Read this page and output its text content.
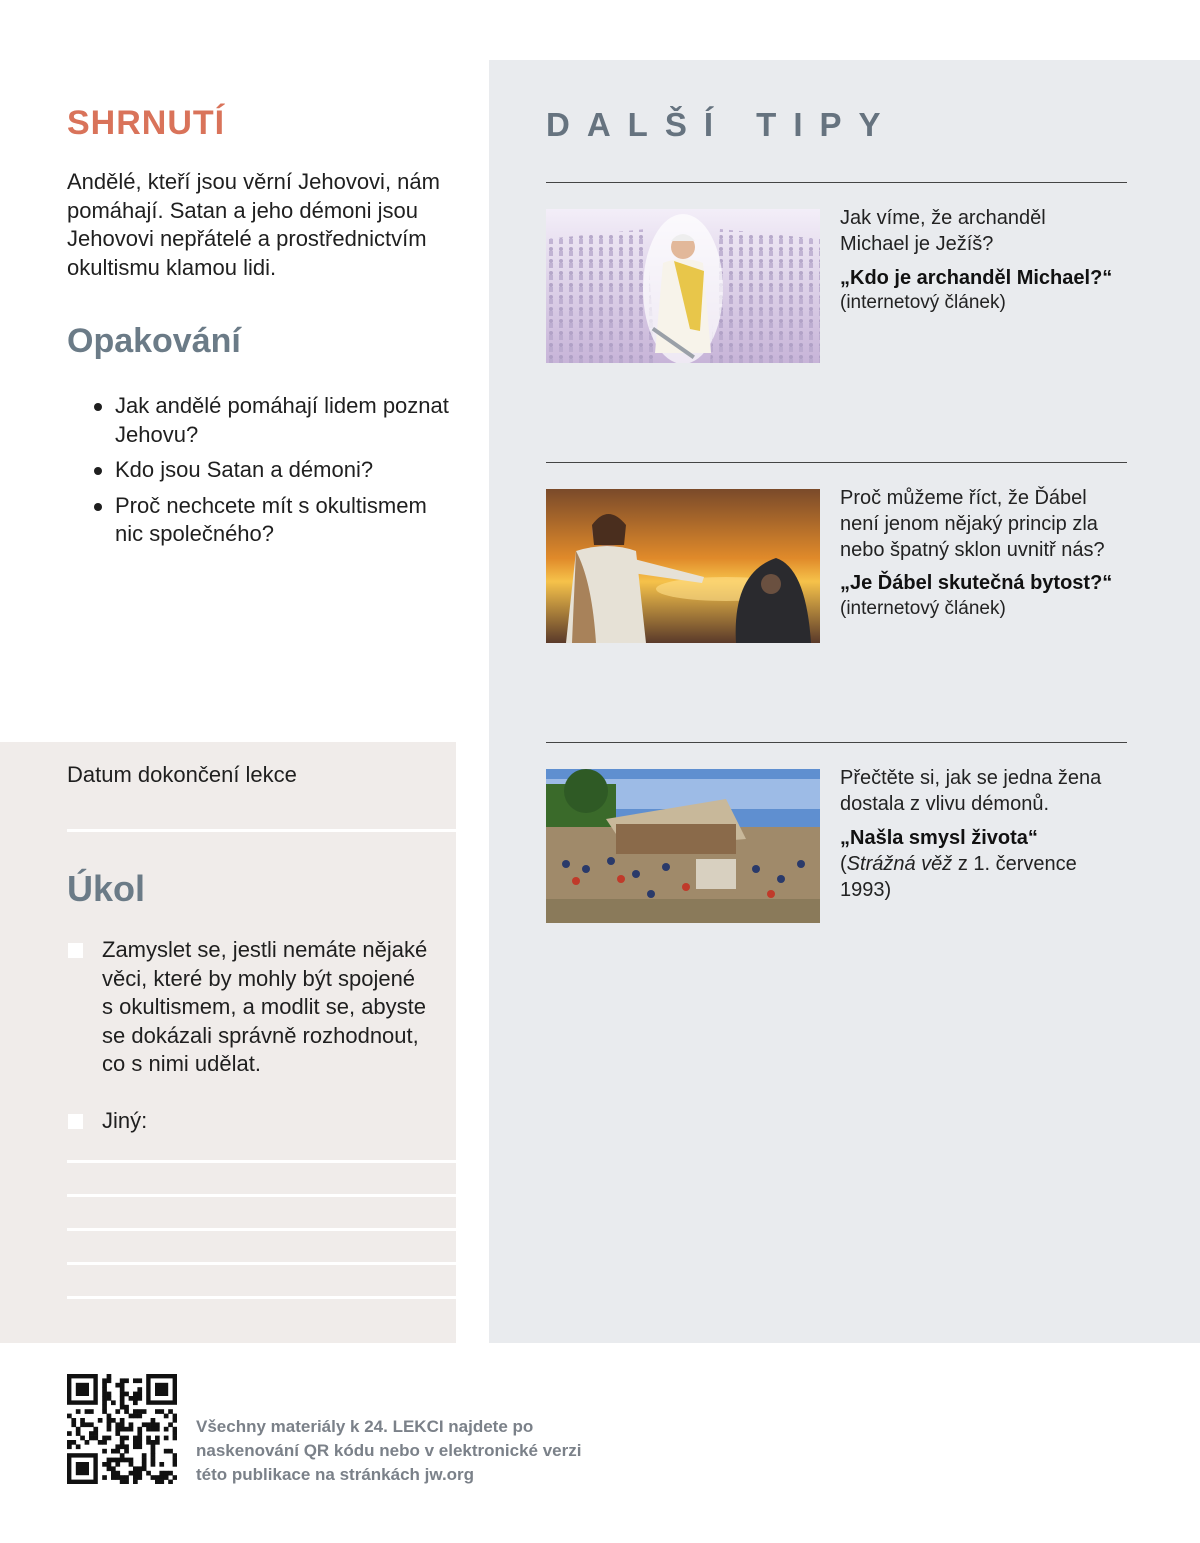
SHRNUTÍ
Andělé, kteří jsou věrní Jehovovi, nám pomáhají. Satan a jeho démoni jsou Jehovovi nepřátelé a prostřednictvím okultismu klamou lidi.
Opakování
Jak andělé pomáhají lidem poznat Jehovu?
Kdo jsou Satan a démoni?
Proč nechcete mít s okultismem nic společného?
Datum dokončení lekce
Úkol
Zamyslet se, jestli nemáte nějaké věci, které by mohly být spojené s okultismem, a modlit se, abyste se dokázali správně rozhodnout, co s nimi udělat.
Jiný:
DALŠÍ TIPY
Jak víme, že archanděl Michael je Ježíš?
„Kdo je archanděl Michael?“
(internetový článek)
Proč můžeme říct, že Ďábel není jenom nějaký princip zla nebo špatný sklon uvnitř nás?
„Je Ďábel skutečná bytost?“
(internetový článek)
Přečtěte si, jak se jedna žena dostala z vlivu démonů.
„Našla smysl života“
(Strážná věž z 1. července 1993)
Všechny materiály k 24. LEKCI najdete po naskenování QR kódu nebo v elektronické verzi této publikace na stránkách jw.org
